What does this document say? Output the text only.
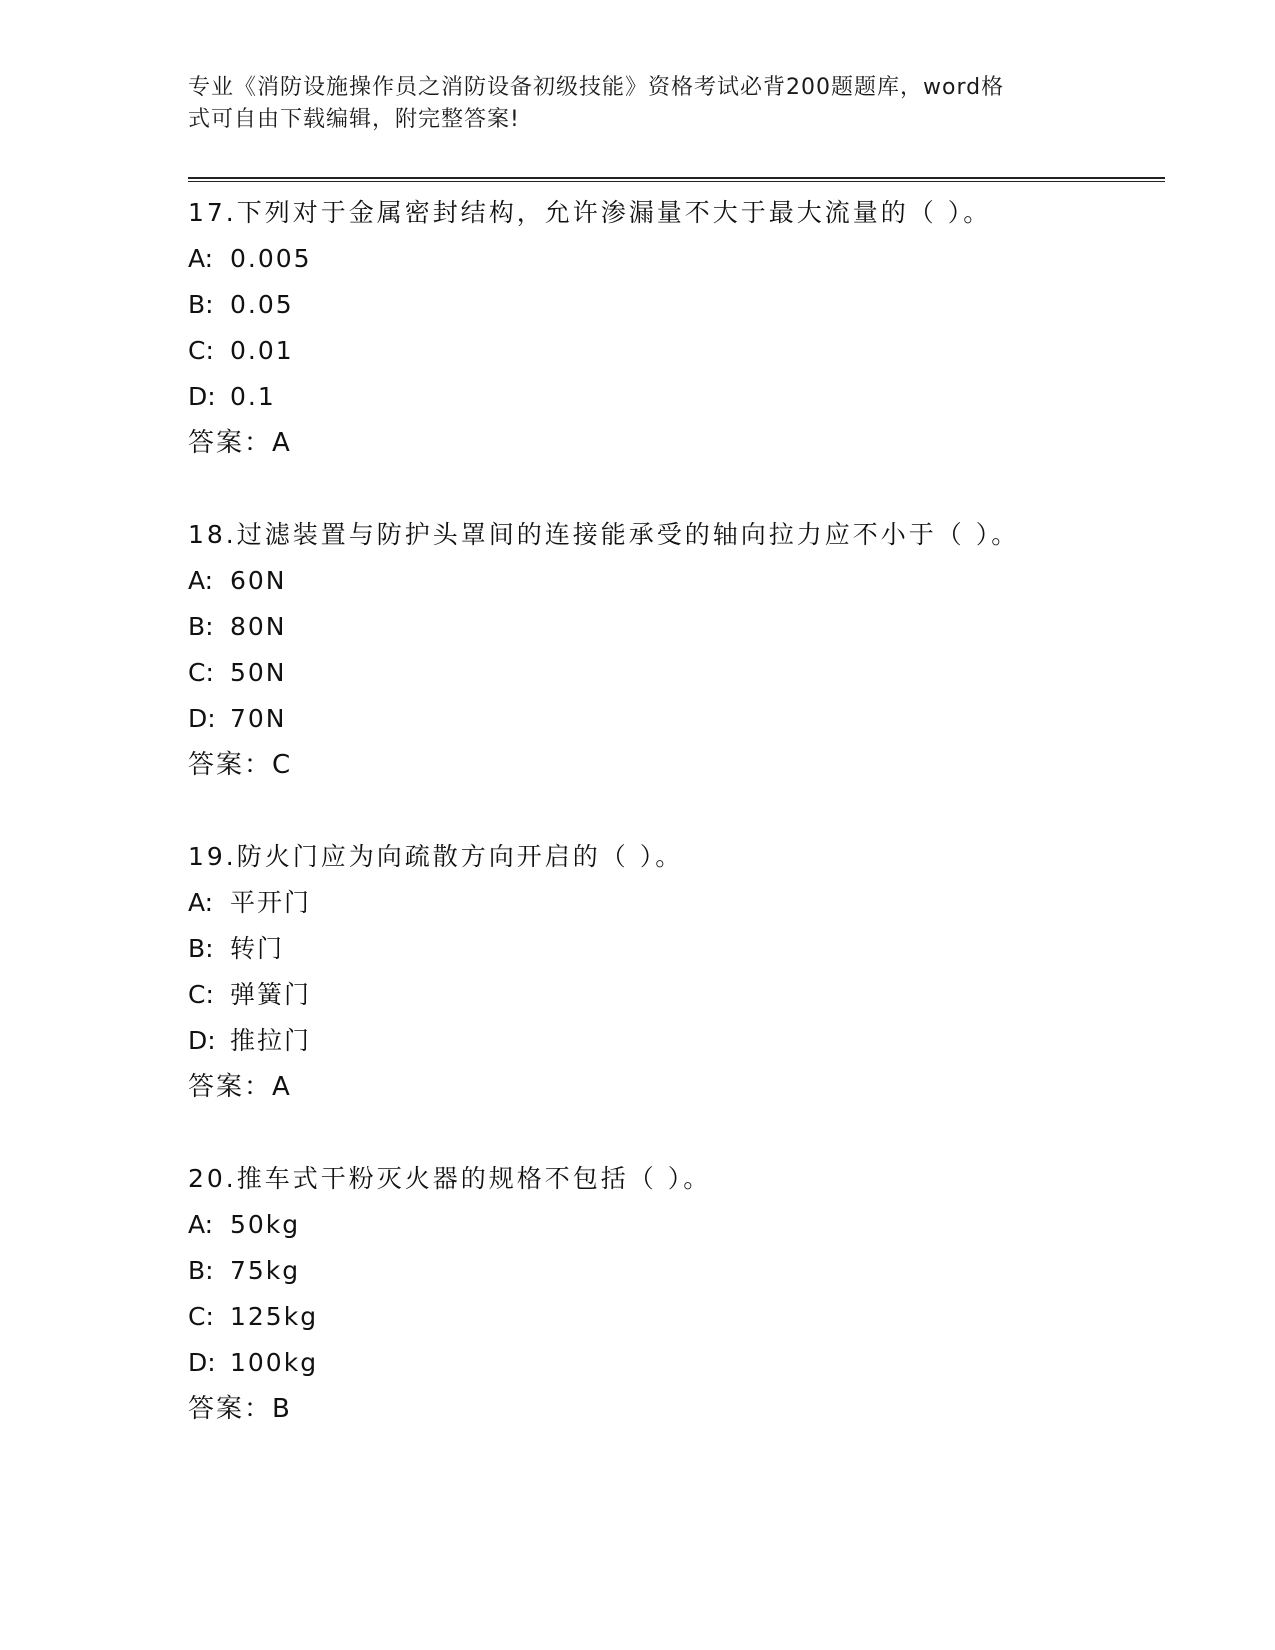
专业《消防设施操作员之消防设备初级技能》资格考试必背200题题库，word格
式可自由下载编辑，附完整答案!
17.下列对于金属密封结构，允许渗漏量不大于最大流量的（ ）。
A: 0.005
B: 0.05
C: 0.01
D: 0.1
答案：A
18.过滤装置与防护头罩间的连接能承受的轴向拉力应不小于（ ）。
A: 60N
B: 80N
C: 50N
D: 70N
答案：C
19.防火门应为向疏散方向开启的（ ）。
A: 平开门
B: 转门
C: 弹簧门
D: 推拉门
答案：A
20.推车式干粉灭火器的规格不包括（ ）。
A: 50kg
B: 75kg
C: 125kg
D: 100kg
答案：B
